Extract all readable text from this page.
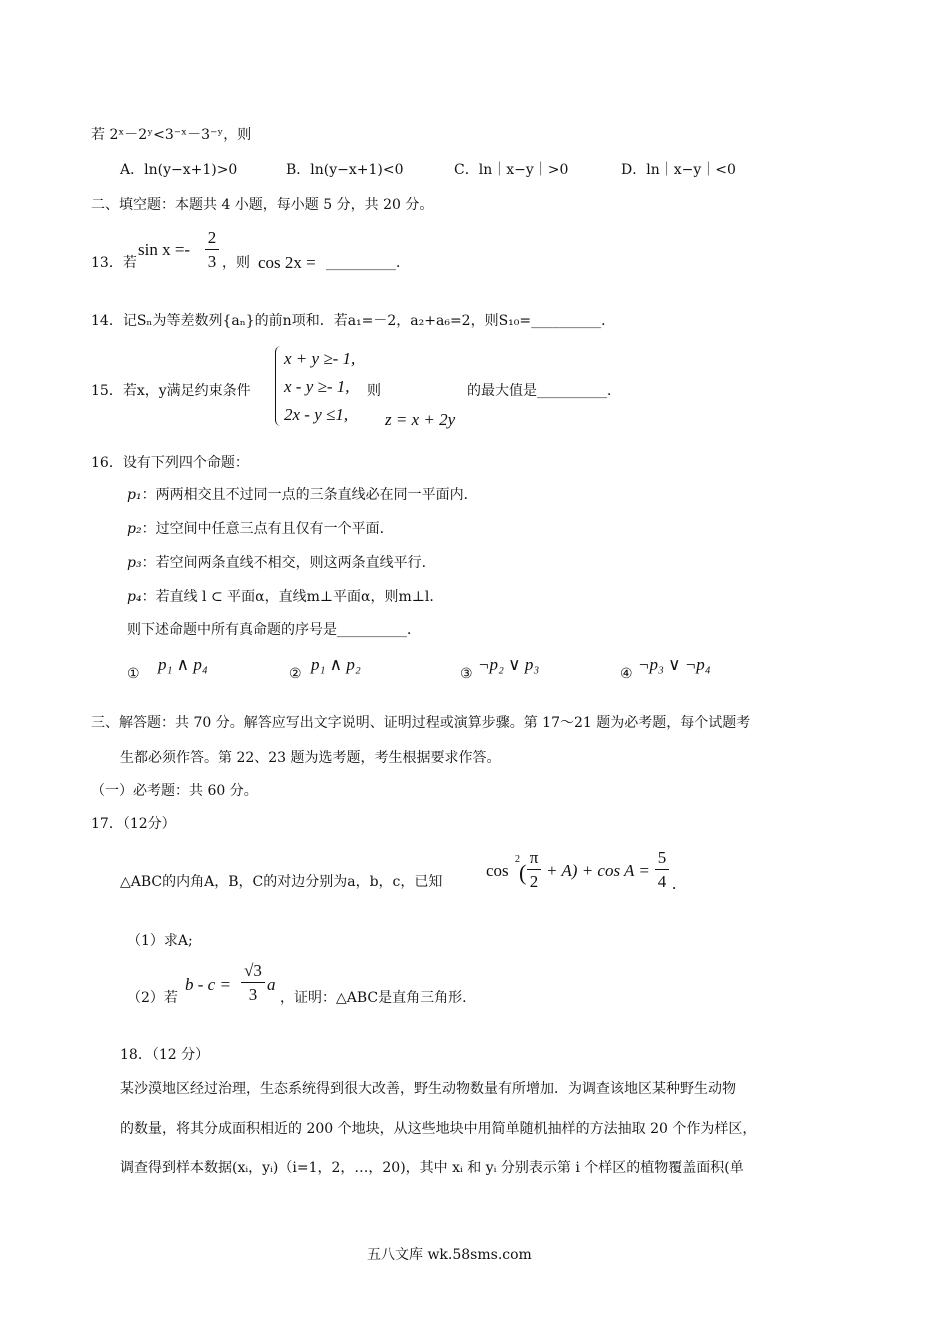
若 2ˣ－2ʸ<3⁻ˣ－3⁻ʸ，则
A．ln(y−x+1)>0	B．ln(y−x+1)<0	C．ln｜x−y｜>0	D．ln｜x−y｜<0
二、填空题：本题共 4 小题，每小题 5 分，共 20 分。
13．若
sin x =-
2
3 ，则 cos 2x = __________．
14．记Sₙ为等差数列{aₙ}的前n项和．若a₁=－2，a₂+a₆=2，则S₁₀=__________．
15．若x，y满足约束条件
x + y ≥- 1,
x - y ≥- 1,
2x - y ≤1,
则
z = x + 2y
的最大值是__________．
16．设有下列四个命题：
p₁：两两相交且不过同一点的三条直线必在同一平面内．
p₂：过空间中任意三点有且仅有一个平面．
p₃：若空间两条直线不相交，则这两条直线平行．
p₄：若直线 l ⊂ 平面α，直线m⊥平面α，则m⊥l．
则下述命题中所有真命题的序号是__________．
① p₁ ∧ p₄	② p₁ ∧ p₂	③ ¬p₂ ∨ p₃	④ ¬p₃ ∨ ¬p₄
三、解答题：共 70 分。解答应写出文字说明、证明过程或演算步骤。第 17～21 题为必考题，每个试题考
生都必须作答。第 22、23 题为选考题，考生根据要求作答。
（一）必考题：共 60 分。
17．（12分）
△ABC的内角A，B，C的对边分别为a，b，c，已知
cos
2
(
π
2
+ A) + cos A =
5
4 .
（1）求A;
（2）若
b - c =
√3
3
a
，证明：△ABC是直角三角形.
18．（12 分）
某沙漠地区经过治理，生态系统得到很大改善，野生动物数量有所增加．为调查该地区某种野生动物
的数量，将其分成面积相近的 200 个地块，从这些地块中用简单随机抽样的方法抽取 20 个作为样区，
调查得到样本数据(xᵢ，yᵢ)（i=1，2，…，20)，其中 xᵢ 和 yᵢ 分别表示第 i 个样区的植物覆盖面积(单
五八文库 wk.58sms.com
